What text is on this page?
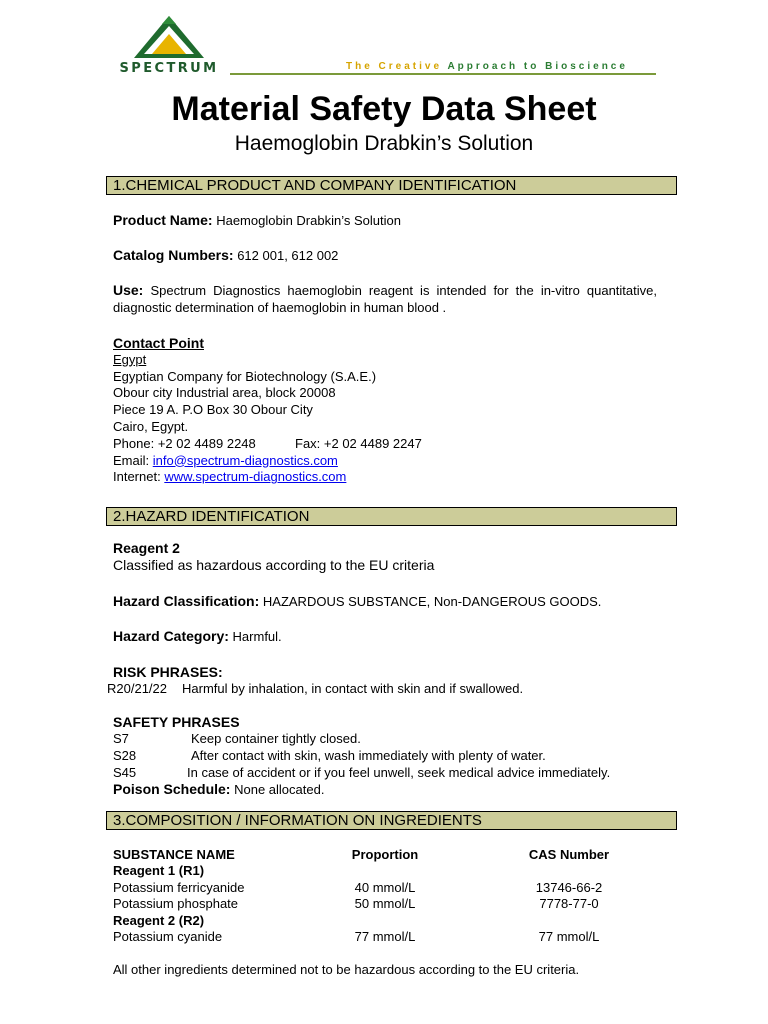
SPECTRUM	The Creative Approach to Bioscience
Material Safety Data Sheet
Haemoglobin Drabkin’s Solution
1.CHEMICAL PRODUCT AND COMPANY IDENTIFICATION
Product Name: Haemoglobin Drabkin’s Solution
Catalog Numbers: 612 001, 612 002
Use: Spectrum Diagnostics haemoglobin reagent is intended for the in-vitro quantitative, diagnostic determination of haemoglobin in human blood .
Contact Point
Egypt
Egyptian Company for Biotechnology (S.A.E.)
Obour city Industrial area, block 20008
Piece 19 A. P.O Box 30 Obour City
Cairo, Egypt.
Phone: +2 02 4489 2248	Fax: +2 02 4489 2247
Email: info@spectrum-diagnostics.com
Internet: www.spectrum-diagnostics.com
2.HAZARD IDENTIFICATION
Reagent 2
Classified as hazardous according to the EU criteria
Hazard Classification: HAZARDOUS SUBSTANCE, Non-DANGEROUS GOODS.
Hazard Category: Harmful.
RISK PHRASES:
R20/21/22 Harmful by inhalation, in contact with skin and if swallowed.
SAFETY PHRASES
S7	Keep container tightly closed.
S28	After contact with skin, wash immediately with plenty of water.
S45	In case of accident or if you feel unwell, seek medical advice immediately.
Poison Schedule: None allocated.
3.COMPOSITION / INFORMATION ON INGREDIENTS
SUBSTANCE NAME	Proportion	CAS Number
Reagent 1 (R1)
Potassium ferricyanide	40 mmol/L	13746-66-2
Potassium phosphate	50 mmol/L	7778-77-0
Reagent 2 (R2)
Potassium cyanide	77 mmol/L	77 mmol/L
All other ingredients determined not to be hazardous according to the EU criteria.
